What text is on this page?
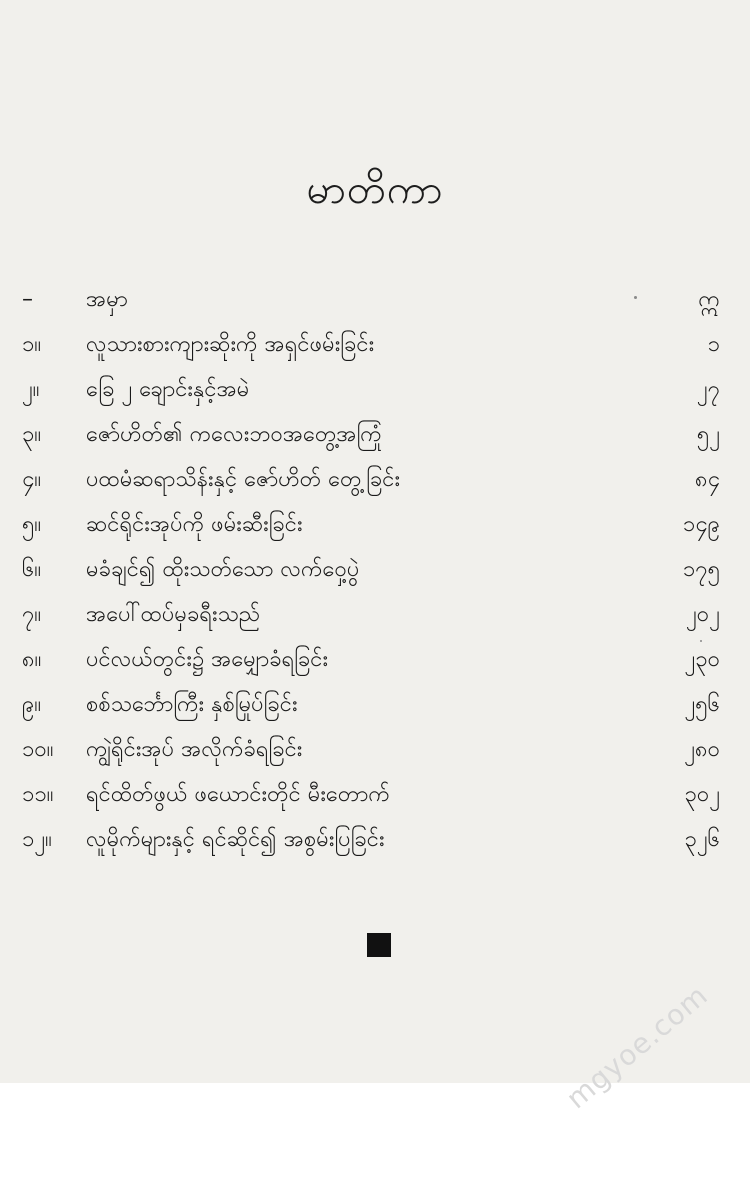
မာတိကာ
–	အမှာ	ဣ
၁။	လူသားစားကျားဆိုးကို အရှင်ဖမ်းခြင်း	၁
၂။	ခြေ ၂ ချောင်းနှင့်အမဲ	၂၇
၃။	ဇော်ဟိတ်၏ ကလေးဘဝအတွေ့အကြုံ	၅၂
၄။	ပထမံဆရာသိန်းနှင့် ဇော်ဟိတ် တွေ့ခြင်း	၈၄
၅။	ဆင်ရိုင်းအုပ်ကို ဖမ်းဆီးခြင်း	၁၄၉
၆။	မခံချင်၍ ထိုးသတ်သော လက်ဝှေ့ပွဲ	၁၇၅
၇။	အပေါ်ထပ်မှခရီးသည်	၂၀၂
၈။	ပင်လယ်တွင်း၌ အမျှောခံရခြင်း	၂၃၀
၉။	စစ်သင်္ဘောကြီး နှစ်မြုပ်ခြင်း	၂၅၆
၁၀။	ကျွဲရိုင်းအုပ် အလိုက်ခံရခြင်း	၂၈၀
၁၁။	ရင်ထိတ်ဖွယ် ဖယောင်းတိုင် မီးတောက်	၃၀၂
၁၂။	လူမိုက်များနှင့် ရင်ဆိုင်၍ အစွမ်းပြခြင်း	၃၂၆
mgyoe.com
